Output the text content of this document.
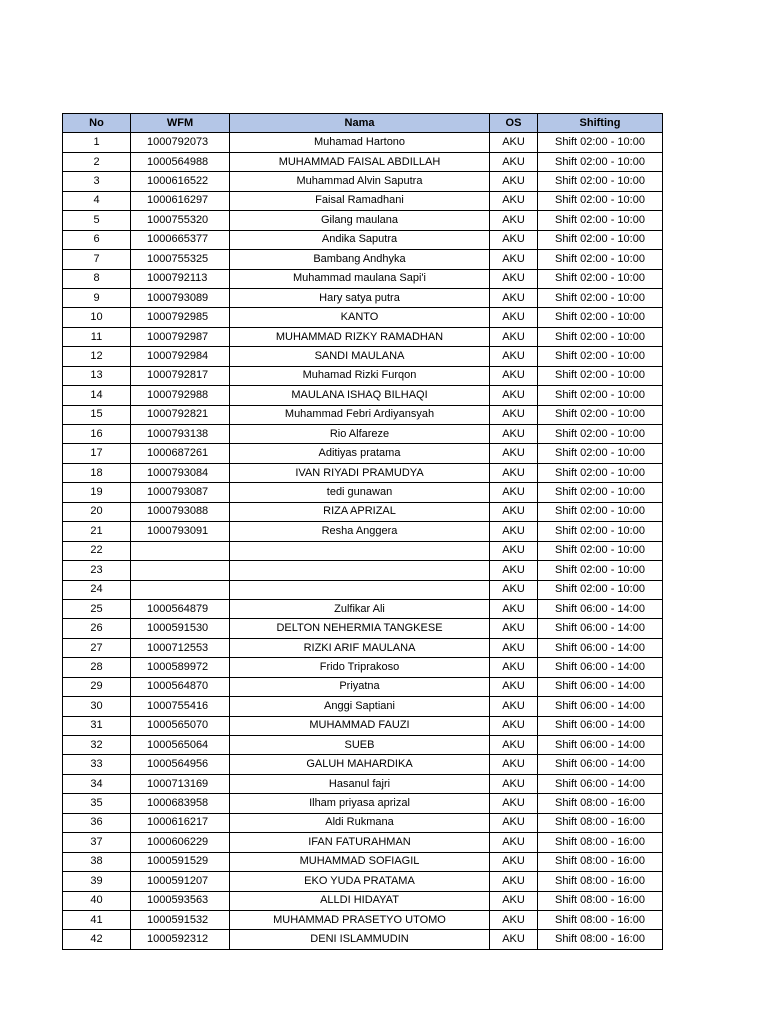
No	WFM	Nama	OS	Shifting
1	1000792073	Muhamad Hartono	AKU	Shift 02:00 - 10:00
2	1000564988	MUHAMMAD FAISAL ABDILLAH	AKU	Shift 02:00 - 10:00
3	1000616522	Muhammad Alvin Saputra	AKU	Shift 02:00 - 10:00
4	1000616297	Faisal Ramadhani	AKU	Shift 02:00 - 10:00
5	1000755320	Gilang maulana	AKU	Shift 02:00 - 10:00
6	1000665377	Andika Saputra	AKU	Shift 02:00 - 10:00
7	1000755325	Bambang Andhyka	AKU	Shift 02:00 - 10:00
8	1000792113	Muhammad maulana Sapi'i	AKU	Shift 02:00 - 10:00
9	1000793089	Hary satya putra	AKU	Shift 02:00 - 10:00
10	1000792985	KANTO	AKU	Shift 02:00 - 10:00
11	1000792987	MUHAMMAD RIZKY RAMADHAN	AKU	Shift 02:00 - 10:00
12	1000792984	SANDI MAULANA	AKU	Shift 02:00 - 10:00
13	1000792817	Muhamad Rizki Furqon	AKU	Shift 02:00 - 10:00
14	1000792988	MAULANA ISHAQ BILHAQI	AKU	Shift 02:00 - 10:00
15	1000792821	Muhammad Febri Ardiyansyah	AKU	Shift 02:00 - 10:00
16	1000793138	Rio Alfareze	AKU	Shift 02:00 - 10:00
17	1000687261	Aditiyas pratama	AKU	Shift 02:00 - 10:00
18	1000793084	IVAN RIYADI PRAMUDYA	AKU	Shift 02:00 - 10:00
19	1000793087	tedi gunawan	AKU	Shift 02:00 - 10:00
20	1000793088	RIZA APRIZAL	AKU	Shift 02:00 - 10:00
21	1000793091	Resha Anggera	AKU	Shift 02:00 - 10:00
22			AKU	Shift 02:00 - 10:00
23			AKU	Shift 02:00 - 10:00
24			AKU	Shift 02:00 - 10:00
25	1000564879	Zulfikar Ali	AKU	Shift 06:00 - 14:00
26	1000591530	DELTON NEHERMIA TANGKESE	AKU	Shift 06:00 - 14:00
27	1000712553	RIZKI ARIF MAULANA	AKU	Shift 06:00 - 14:00
28	1000589972	Frido Triprakoso	AKU	Shift 06:00 - 14:00
29	1000564870	Priyatna	AKU	Shift 06:00 - 14:00
30	1000755416	Anggi Saptiani	AKU	Shift 06:00 - 14:00
31	1000565070	MUHAMMAD FAUZI	AKU	Shift 06:00 - 14:00
32	1000565064	SUEB	AKU	Shift 06:00 - 14:00
33	1000564956	GALUH MAHARDIKA	AKU	Shift 06:00 - 14:00
34	1000713169	Hasanul fajri	AKU	Shift 06:00 - 14:00
35	1000683958	Ilham priyasa aprizal	AKU	Shift 08:00 - 16:00
36	1000616217	Aldi Rukmana	AKU	Shift 08:00 - 16:00
37	1000606229	IFAN FATURAHMAN	AKU	Shift 08:00 - 16:00
38	1000591529	MUHAMMAD SOFIAGIL	AKU	Shift 08:00 - 16:00
39	1000591207	EKO YUDA PRATAMA	AKU	Shift 08:00 - 16:00
40	1000593563	ALLDI HIDAYAT	AKU	Shift 08:00 - 16:00
41	1000591532	MUHAMMAD PRASETYO UTOMO	AKU	Shift 08:00 - 16:00
42	1000592312	DENI ISLAMMUDIN	AKU	Shift 08:00 - 16:00
